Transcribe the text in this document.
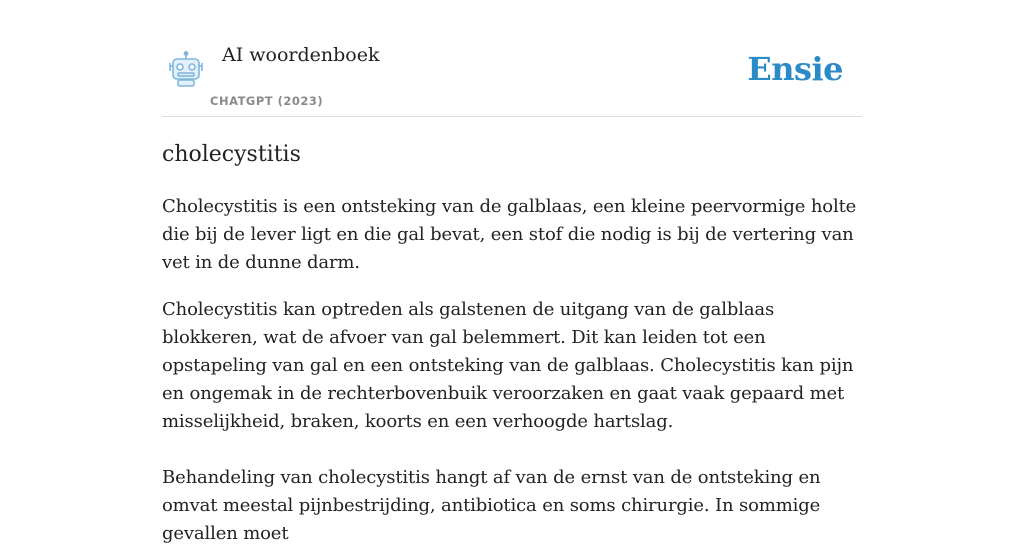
AI woordenboek
CHATGPT (2023)
Ensie
cholecystitis

Cholecystitis is een ontsteking van de galblaas, een kleine peervormige holte die bij de lever ligt en die gal bevat, een stof die nodig is bij de vertering van vet in de dunne darm.

Cholecystitis kan optreden als galstenen de uitgang van de galblaas blokkeren, wat de afvoer van gal belemmert. Dit kan leiden tot een opstapeling van gal en een ontsteking van de galblaas. Cholecystitis kan pijn en ongemak in de rechterbovenbuik veroorzaken en gaat vaak gepaard met misselijkheid, braken, koorts en een verhoogde hartslag.

Behandeling van cholecystitis hangt af van de ernst van de ontsteking en omvat meestal pijnbestrijding, antibiotica en soms chirurgie. In sommige gevallen moet
